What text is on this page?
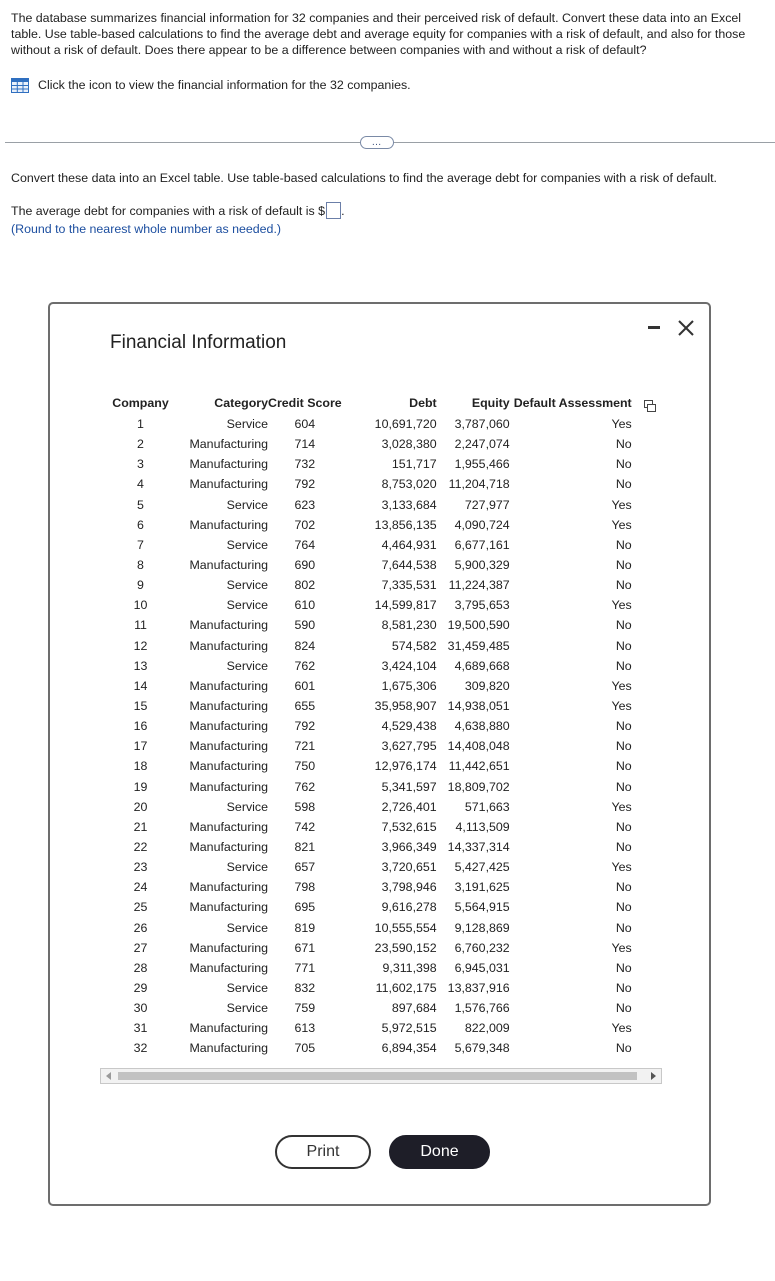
The database summarizes financial information for 32 companies and their perceived risk of default. Convert these data into an Excel table. Use table-based calculations to find the average debt and average equity for companies with a risk of default, and also for those without a risk of default. Does there appear to be a difference between companies with and without a risk of default?
Click the icon to view the financial information for the 32 companies.
…
Convert these data into an Excel table. Use table-based calculations to find the average debt for companies with a risk of default.
The average debt for companies with a risk of default is $ .
(Round to the nearest whole number as needed.)
Financial Information
Company	Category	Credit Score	Debt	Equity	Default Assessment
1	Service	604	10,691,720	3,787,060	Yes
2	Manufacturing	714	3,028,380	2,247,074	No
3	Manufacturing	732	151,717	1,955,466	No
4	Manufacturing	792	8,753,020	11,204,718	No
5	Service	623	3,133,684	727,977	Yes
6	Manufacturing	702	13,856,135	4,090,724	Yes
7	Service	764	4,464,931	6,677,161	No
8	Manufacturing	690	7,644,538	5,900,329	No
9	Service	802	7,335,531	11,224,387	No
10	Service	610	14,599,817	3,795,653	Yes
11	Manufacturing	590	8,581,230	19,500,590	No
12	Manufacturing	824	574,582	31,459,485	No
13	Service	762	3,424,104	4,689,668	No
14	Manufacturing	601	1,675,306	309,820	Yes
15	Manufacturing	655	35,958,907	14,938,051	Yes
16	Manufacturing	792	4,529,438	4,638,880	No
17	Manufacturing	721	3,627,795	14,408,048	No
18	Manufacturing	750	12,976,174	11,442,651	No
19	Manufacturing	762	5,341,597	18,809,702	No
20	Service	598	2,726,401	571,663	Yes
21	Manufacturing	742	7,532,615	4,113,509	No
22	Manufacturing	821	3,966,349	14,337,314	No
23	Service	657	3,720,651	5,427,425	Yes
24	Manufacturing	798	3,798,946	3,191,625	No
25	Manufacturing	695	9,616,278	5,564,915	No
26	Service	819	10,555,554	9,128,869	No
27	Manufacturing	671	23,590,152	6,760,232	Yes
28	Manufacturing	771	9,311,398	6,945,031	No
29	Service	832	11,602,175	13,837,916	No
30	Service	759	897,684	1,576,766	No
31	Manufacturing	613	5,972,515	822,009	Yes
32	Manufacturing	705	6,894,354	5,679,348	No
Print	Done
